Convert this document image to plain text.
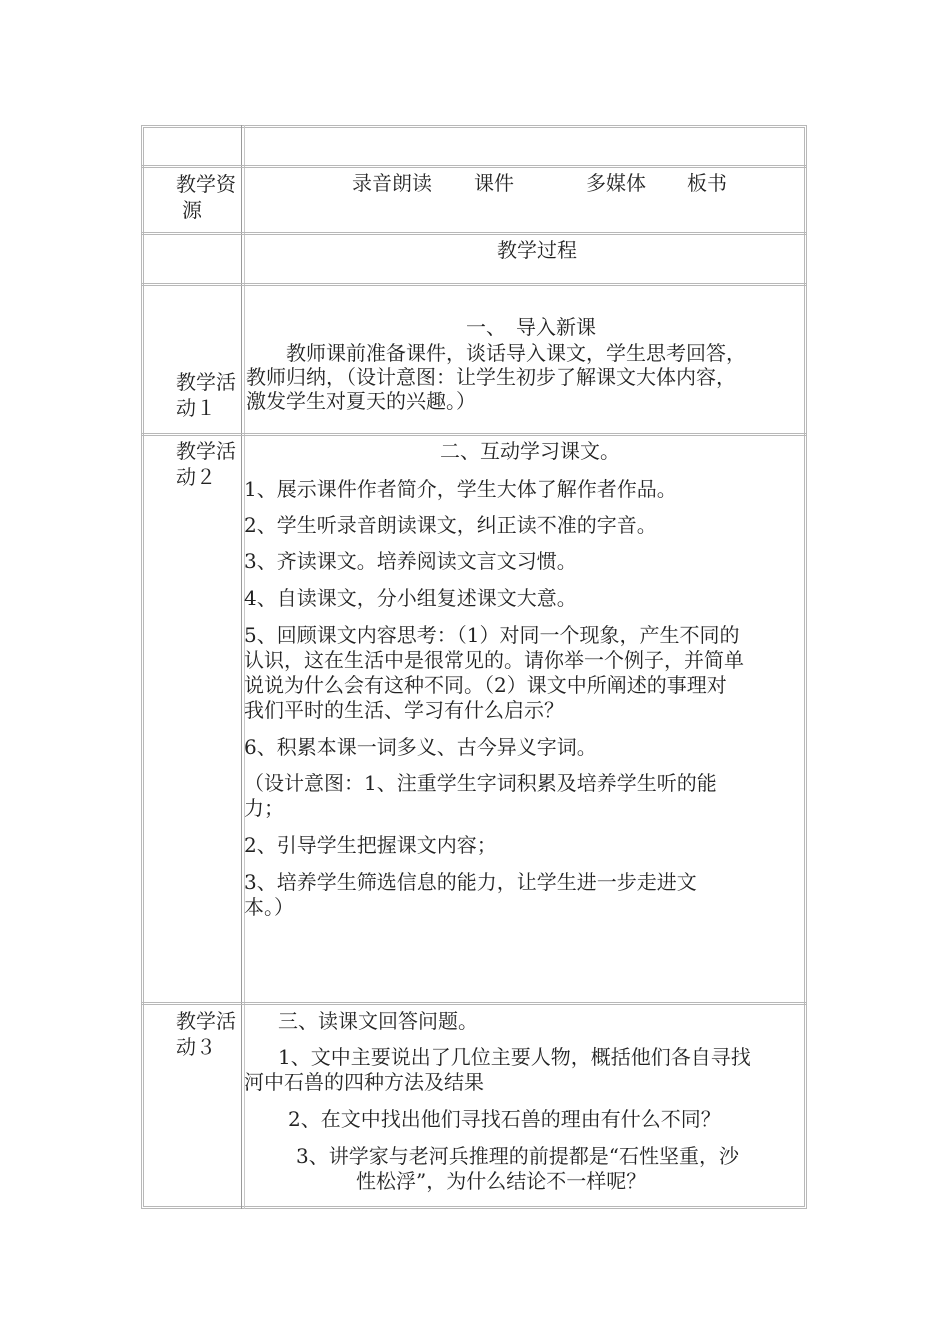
教学资
源
录音朗读 课件	多媒体 板书
教学过程
教学活
动１
一、　导入新课
　　教师课前准备课件，谈话导入课文，学生思考回答，
教师归纳，（设计意图：让学生初步了解课文大体内容，
激发学生对夏天的兴趣。）
教学活
动２
二、互动学习课文。
1、展示课件作者简介，学生大体了解作者作品。
2、学生听录音朗读课文，纠正读不准的字音。
3、齐读课文。培养阅读文言文习惯。
4、自读课文，分小组复述课文大意。
5、回顾课文内容思考：（1）对同一个现象，产生不同的
认识，这在生活中是很常见的。请你举一个例子，并简单
说说为什么会有这种不同。（2）课文中所阐述的事理对
我们平时的生活、学习有什么启示？
6、积累本课一词多义、古今异义字词。
（设计意图：1、注重学生字词积累及培养学生听的能
力；
2、引导学生把握课文内容；
3、培养学生筛选信息的能力，让学生进一步走进文
本。）
教学活
动３
三、读课文回答问题。
1、文中主要说出了几位主要人物，概括他们各自寻找
河中石兽的四种方法及结果
2、在文中找出他们寻找石兽的理由有什么不同？
3、讲学家与老河兵推理的前提都是“石性坚重，沙
性松浮”，为什么结论不一样呢？
